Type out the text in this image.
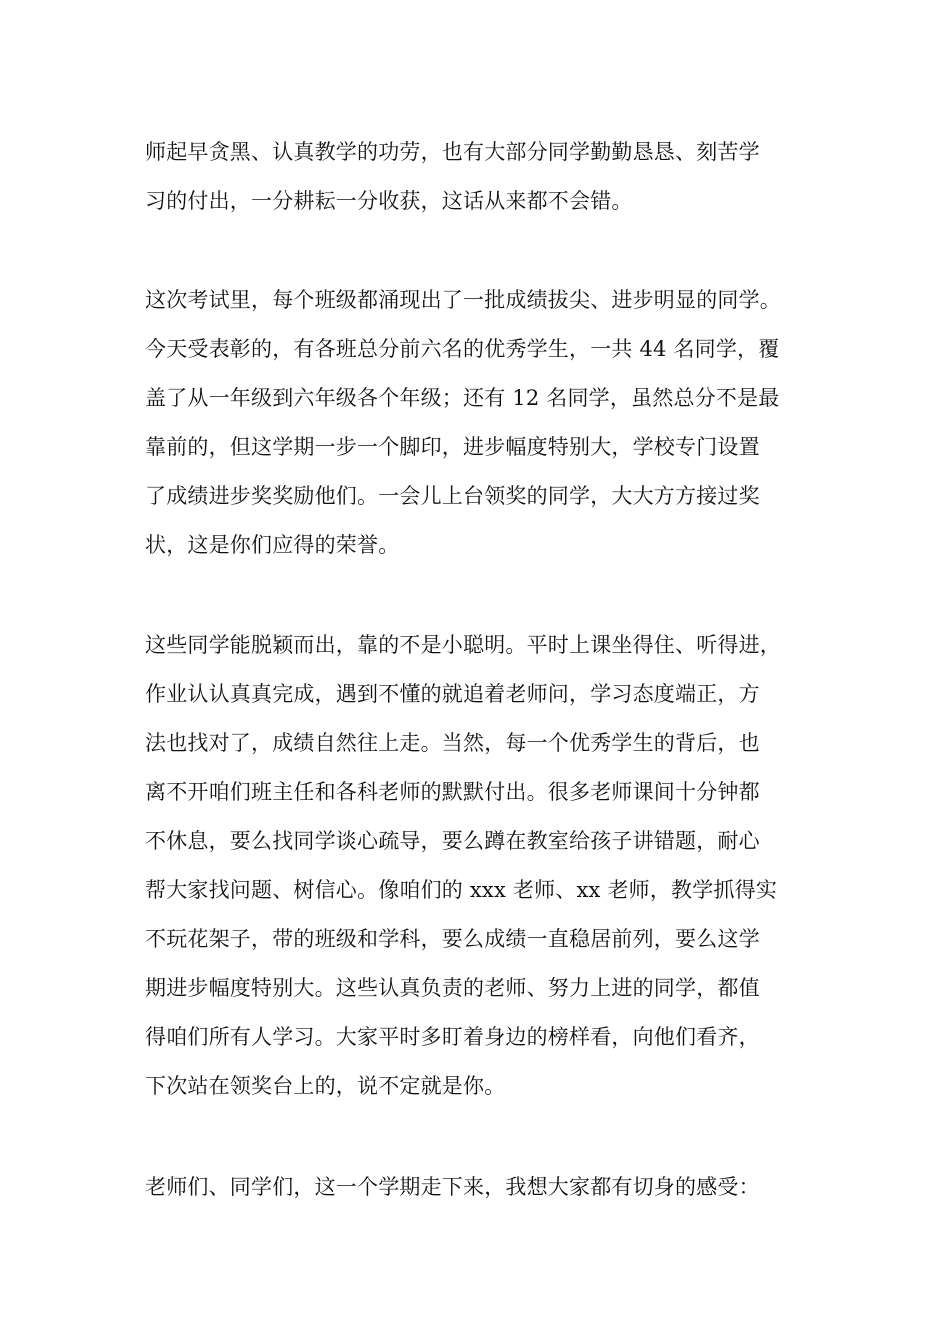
师起早贪黑、认真教学的功劳，也有大部分同学勤勤恳恳、刻苦学
习的付出，一分耕耘一分收获，这话从来都不会错。
这次考试里，每个班级都涌现出了一批成绩拔尖、进步明显的同学。
今天受表彰的，有各班总分前六名的优秀学生，一共 44 名同学，覆
盖了从一年级到六年级各个年级；还有 12 名同学，虽然总分不是最
靠前的，但这学期一步一个脚印，进步幅度特别大，学校专门设置
了成绩进步奖奖励他们。一会儿上台领奖的同学，大大方方接过奖
状，这是你们应得的荣誉。
这些同学能脱颖而出，靠的不是小聪明。平时上课坐得住、听得进，
作业认认真真完成，遇到不懂的就追着老师问，学习态度端正，方
法也找对了，成绩自然往上走。当然，每一个优秀学生的背后，也
离不开咱们班主任和各科老师的默默付出。很多老师课间十分钟都
不休息，要么找同学谈心疏导，要么蹲在教室给孩子讲错题，耐心
帮大家找问题、树信心。像咱们的 xxx 老师、xx 老师，教学抓得实
不玩花架子，带的班级和学科，要么成绩一直稳居前列，要么这学
期进步幅度特别大。这些认真负责的老师、努力上进的同学，都值
得咱们所有人学习。大家平时多盯着身边的榜样看，向他们看齐，
下次站在领奖台上的，说不定就是你。
老师们、同学们，这一个学期走下来，我想大家都有切身的感受：
